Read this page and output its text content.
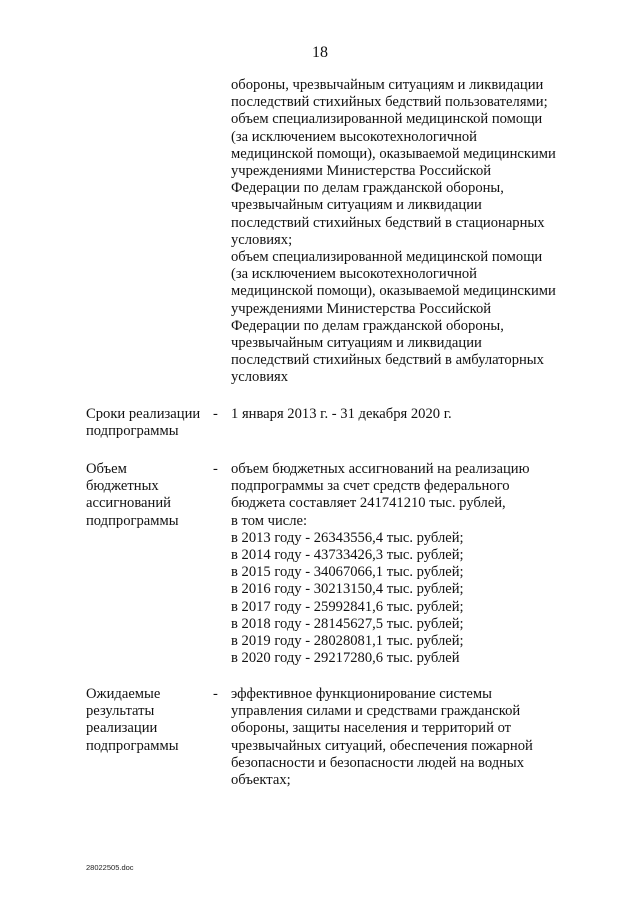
18
обороны, чрезвычайным ситуациям и ликвидации
последствий стихийных бедствий пользователями;
объем специализированной медицинской помощи
(за исключением высокотехнологичной
медицинской помощи), оказываемой медицинскими
учреждениями Министерства Российской
Федерации по делам гражданской обороны,
чрезвычайным ситуациям и ликвидации
последствий стихийных бедствий в стационарных
условиях;
объем специализированной медицинской помощи
(за исключением высокотехнологичной
медицинской помощи), оказываемой медицинскими
учреждениями Министерства Российской
Федерации по делам гражданской обороны,
чрезвычайным ситуациям и ликвидации
последствий стихийных бедствий в амбулаторных
условиях
Сроки реализации
подпрограммы
- 1 января 2013 г. - 31 декабря 2020 г.
Объем
бюджетных
ассигнований
подпрограммы
- объем бюджетных ассигнований на реализацию
подпрограммы за счет средств федерального
бюджета составляет 241741210 тыс. рублей,
в том числе:
в 2013 году - 26343556,4 тыс. рублей;
в 2014 году - 43733426,3 тыс. рублей;
в 2015 году - 34067066,1 тыс. рублей;
в 2016 году - 30213150,4 тыс. рублей;
в 2017 году - 25992841,6 тыс. рублей;
в 2018 году - 28145627,5 тыс. рублей;
в 2019 году - 28028081,1 тыс. рублей;
в 2020 году - 29217280,6 тыс. рублей
Ожидаемые
результаты
реализации
подпрограммы
- эффективное функционирование системы
управления силами и средствами гражданской
обороны, защиты населения и территорий от
чрезвычайных ситуаций, обеспечения пожарной
безопасности и безопасности людей на водных
объектах;
28022505.doc
